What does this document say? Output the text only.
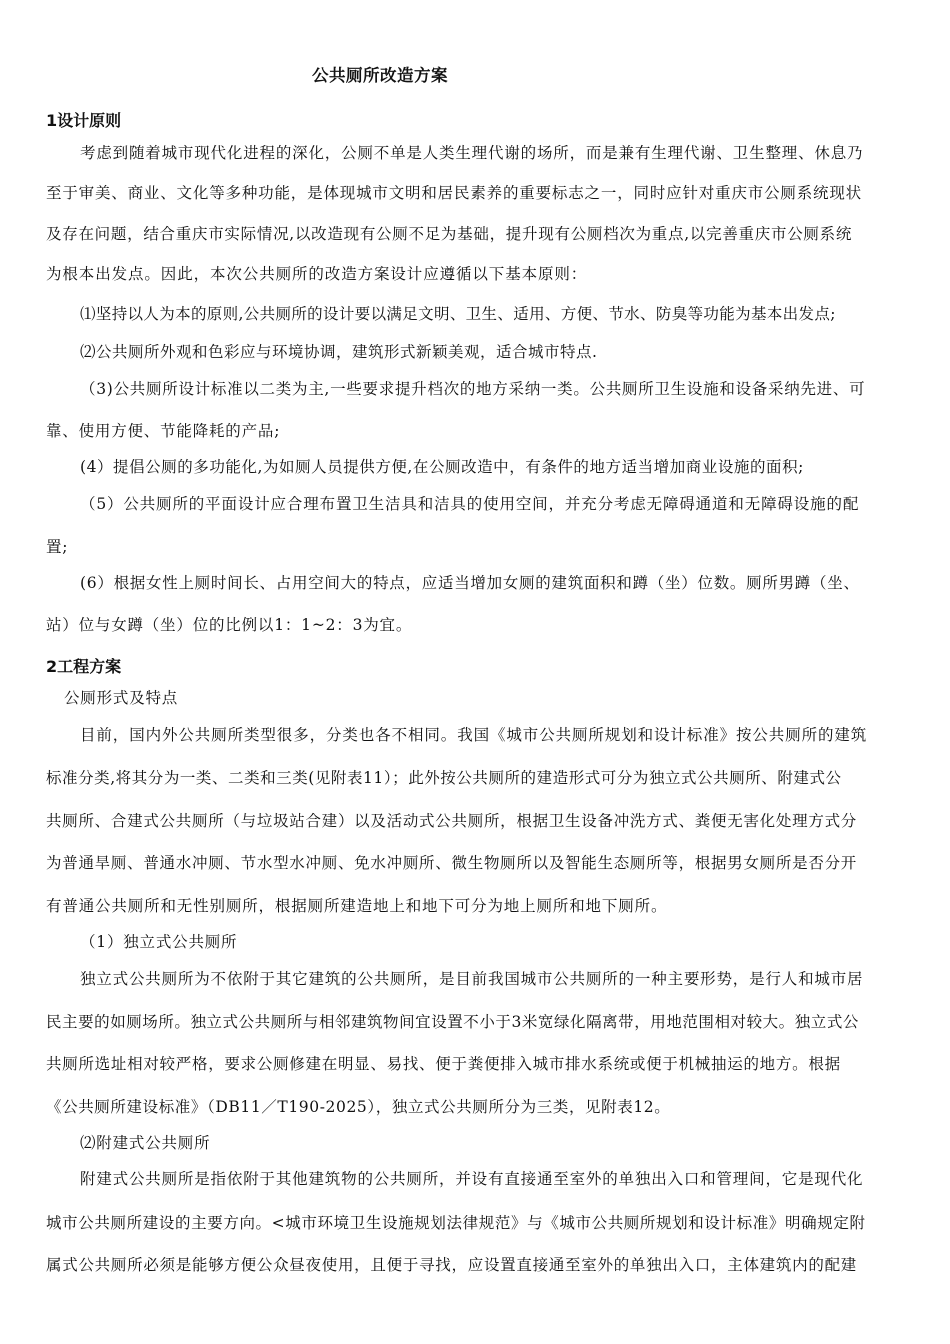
公共厕所改造方案
1设计原则
考虑到随着城市现代化进程的深化，公厕不单是人类生理代谢的场所，而是兼有生理代谢、卫生整理、休息乃
至于审美、商业、文化等多种功能，是体现城市文明和居民素养的重要标志之一，同时应针对重庆市公厕系统现状
及存在问题，结合重庆市实际情况,以改造现有公厕不足为基础，提升现有公厕档次为重点,以完善重庆市公厕系统
为根本出发点。因此，本次公共厕所的改造方案设计应遵循以下基本原则：
⑴坚持以人为本的原则,公共厕所的设计要以满足文明、卫生、适用、方便、节水、防臭等功能为基本出发点;
⑵公共厕所外观和色彩应与环境协调，建筑形式新颖美观，适合城市特点.
（3)公共厕所设计标准以二类为主,一些要求提升档次的地方采纳一类。公共厕所卫生设施和设备采纳先进、可
靠、使用方便、节能降耗的产品;
(4）提倡公厕的多功能化,为如厕人员提供方便,在公厕改造中，有条件的地方适当增加商业设施的面积;
（5）公共厕所的平面设计应合理布置卫生洁具和洁具的使用空间，并充分考虑无障碍通道和无障碍设施的配
置;
(6）根据女性上厕时间长、占用空间大的特点，应适当增加女厕的建筑面积和蹲（坐）位数。厕所男蹲（坐、
站）位与女蹲（坐）位的比例以1：1~2：3为宜。
2工程方案
公厕形式及特点
目前，国内外公共厕所类型很多，分类也各不相同。我国《城市公共厕所规划和设计标准》按公共厕所的建筑
标准分类,将其分为一类、二类和三类(见附表11）；此外按公共厕所的建造形式可分为独立式公共厕所、附建式公
共厕所、合建式公共厕所（与垃圾站合建）以及活动式公共厕所，根据卫生设备冲洗方式、粪便无害化处理方式分
为普通旱厕、普通水冲厕、节水型水冲厕、免水冲厕所、微生物厕所以及智能生态厕所等，根据男女厕所是否分开
有普通公共厕所和无性别厕所，根据厕所建造地上和地下可分为地上厕所和地下厕所。
（1）独立式公共厕所
独立式公共厕所为不依附于其它建筑的公共厕所，是目前我国城市公共厕所的一种主要形势，是行人和城市居
民主要的如厕场所。独立式公共厕所与相邻建筑物间宜设置不小于3米宽绿化隔离带，用地范围相对较大。独立式公
共厕所选址相对较严格，要求公厕修建在明显、易找、便于粪便排入城市排水系统或便于机械抽运的地方。根据
《公共厕所建设标准》（DB11／T190-2025），独立式公共厕所分为三类，见附表12。
⑵附建式公共厕所
附建式公共厕所是指依附于其他建筑物的公共厕所，并设有直接通至室外的单独出入口和管理间，它是现代化
城市公共厕所建设的主要方向。<城市环境卫生设施规划法律规范》与《城市公共厕所规划和设计标准》明确规定附
属式公共厕所必须是能够方便公众昼夜使用，且便于寻找，应设置直接通至室外的单独出入口，主体建筑内的配建
